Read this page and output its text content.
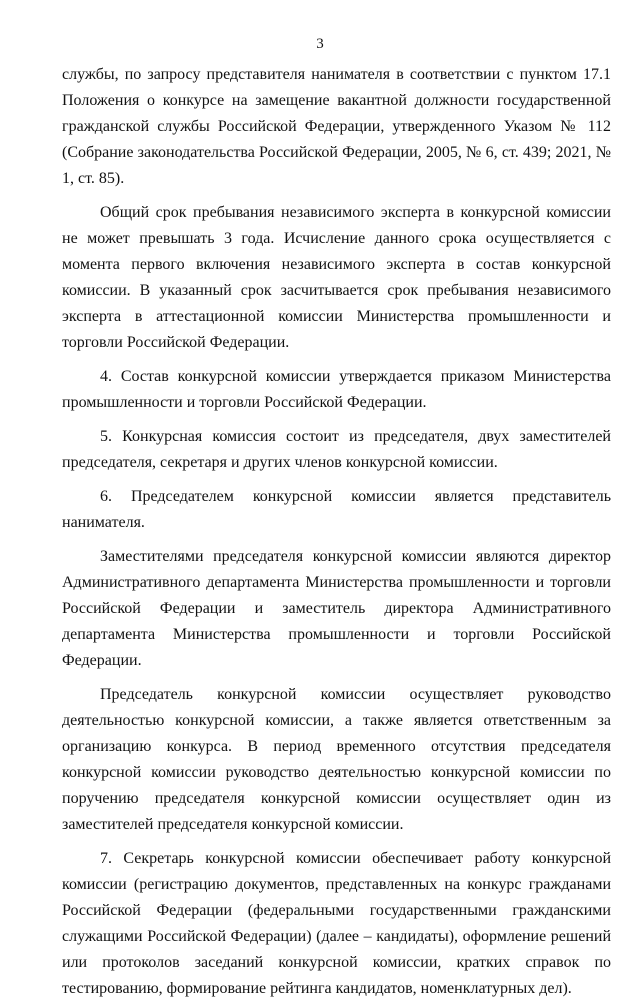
3

службы, по запросу представителя нанимателя в соответствии с пунктом 17.1 Положения о конкурсе на замещение вакантной должности государственной гражданской службы Российской Федерации, утвержденного Указом № 112 (Собрание законодательства Российской Федерации, 2005, № 6, ст. 439; 2021, № 1, ст. 85).

Общий срок пребывания независимого эксперта в конкурсной комиссии не может превышать 3 года. Исчисление данного срока осуществляется с момента первого включения независимого эксперта в состав конкурсной комиссии. В указанный срок засчитывается срок пребывания независимого эксперта в аттестационной комиссии Министерства промышленности и торговли Российской Федерации.

4. Состав конкурсной комиссии утверждается приказом Министерства промышленности и торговли Российской Федерации.

5. Конкурсная комиссия состоит из председателя, двух заместителей председателя, секретаря и других членов конкурсной комиссии.

6. Председателем конкурсной комиссии является представитель нанимателя.

Заместителями председателя конкурсной комиссии являются директор Административного департамента Министерства промышленности и торговли Российской Федерации и заместитель директора Административного департамента Министерства промышленности и торговли Российской Федерации.

Председатель конкурсной комиссии осуществляет руководство деятельностью конкурсной комиссии, а также является ответственным за организацию конкурса. В период временного отсутствия председателя конкурсной комиссии руководство деятельностью конкурсной комиссии по поручению председателя конкурсной комиссии осуществляет один из заместителей председателя конкурсной комиссии.

7. Секретарь конкурсной комиссии обеспечивает работу конкурсной комиссии (регистрацию документов, представленных на конкурс гражданами Российской Федерации (федеральными государственными гражданскими служащими Российской Федерации) (далее – кандидаты), оформление решений или протоколов заседаний конкурсной комиссии, кратких справок по тестированию, формирование рейтинга кандидатов, номенклатурных дел).
